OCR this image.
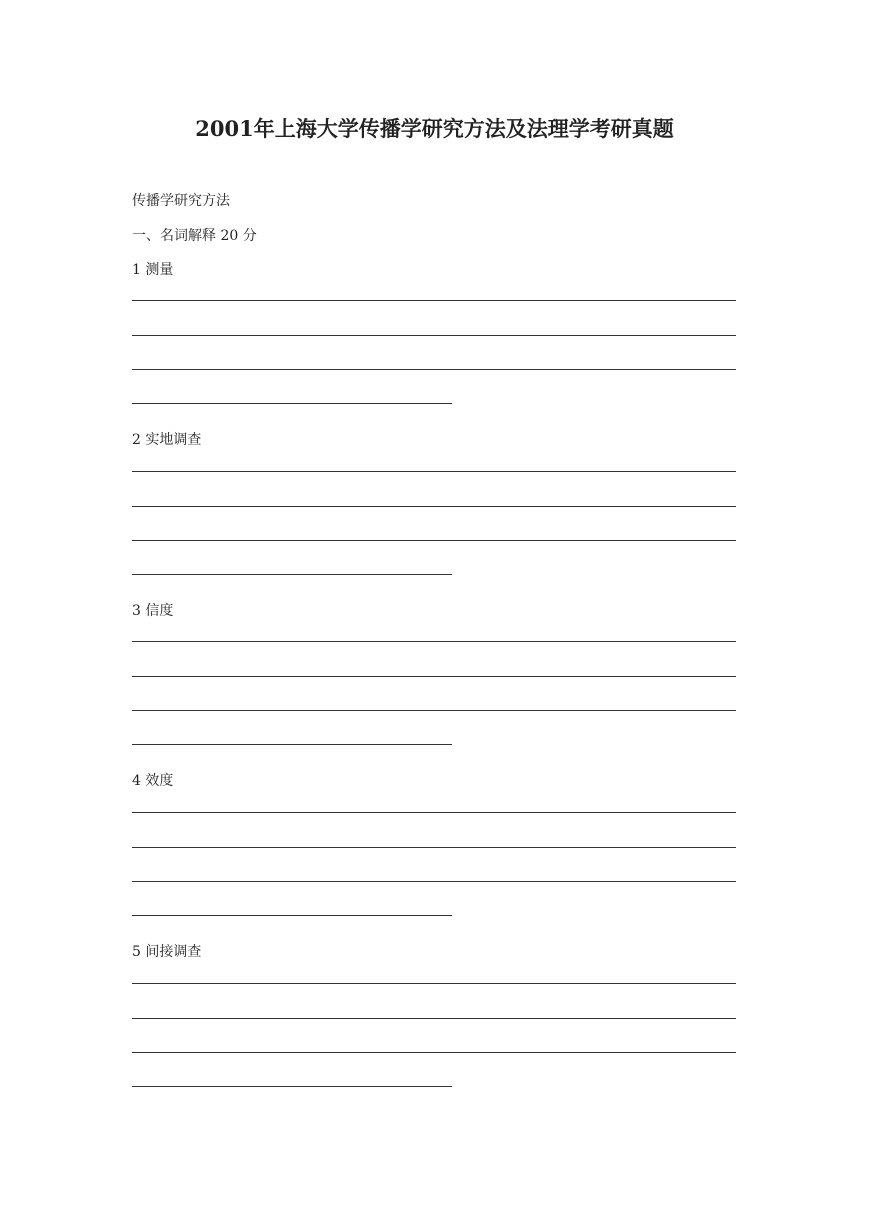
2001年上海大学传播学研究方法及法理学考研真题
传播学研究方法
一、名词解释 20 分
1 测量
2 实地调查
3 信度
4 效度
5 间接调查
